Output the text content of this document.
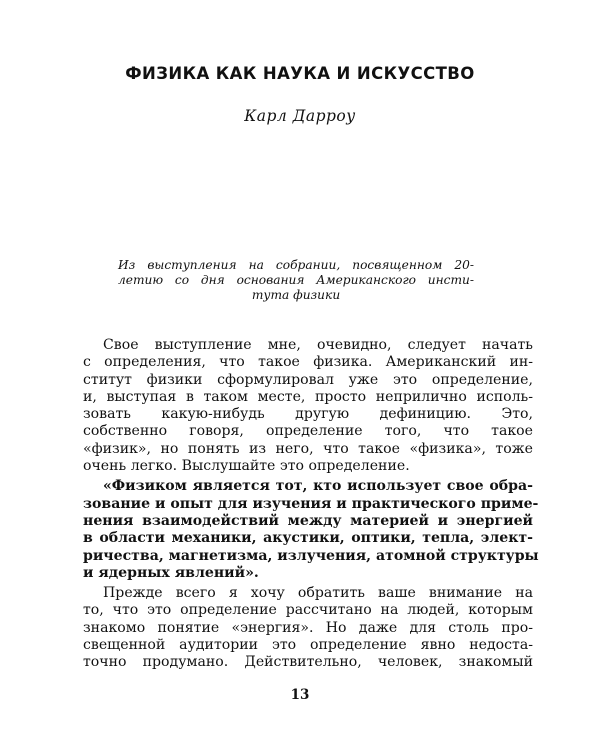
ФИЗИКА КАК НАУКА И ИСКУССТВО
Карл Дарроу
Из выступления на собрании, посвященном 20-
летию со дня основания Американского инсти-
тута физики
Свое выступление мне, очевидно, следует начать
с определения, что такое физика. Американский ин-
ститут физики сформулировал уже это определение,
и, выступая в таком месте, просто неприлично исполь-
зовать какую-нибудь другую дефиницию. Это,
собственно говоря, определение того, что такое
«физик», но понять из него, что такое «физика», тоже
очень легко. Выслушайте это определение.
«Физиком является тот, кто использует свое обра-
зование и опыт для изучения и практического приме-
нения взаимодействий между материей и энергией
в области механики, акустики, оптики, тепла, элект-
ричества, магнетизма, излучения, атомной структуры
и ядерных явлений».
Прежде всего я хочу обратить ваше внимание на
то, что это определение рассчитано на людей, которым
знакомо понятие «энергия». Но даже для столь про-
свещенной аудитории это определение явно недоста-
точно продумано. Действительно, человек, знакомый
13
